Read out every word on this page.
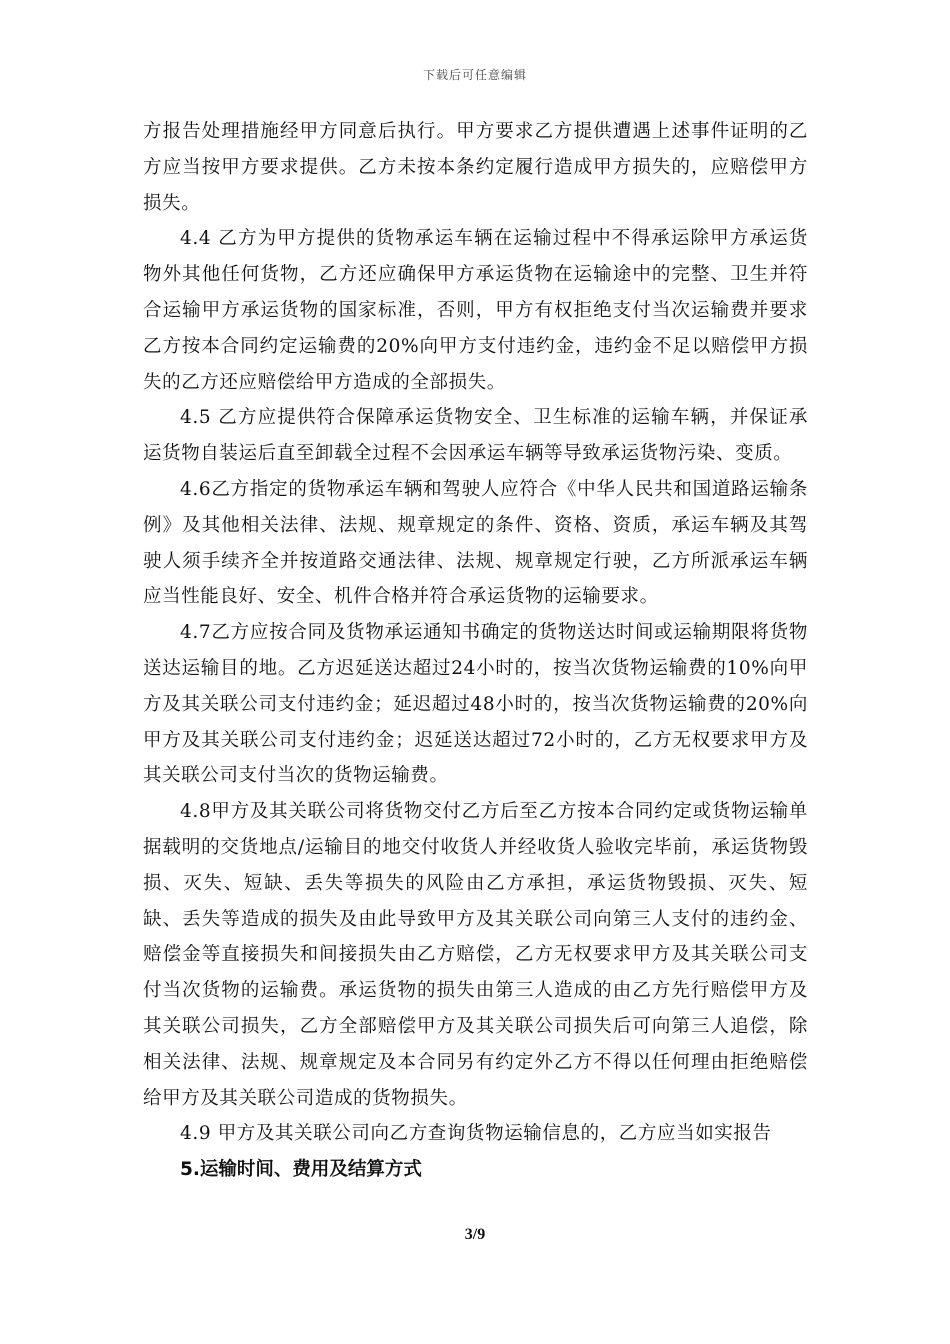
下载后可任意编辑

方报告处理措施经甲方同意后执行。甲方要求乙方提供遭遇上述事件证明的乙方应当按甲方要求提供。乙方未按本条约定履行造成甲方损失的，应赔偿甲方损失。

4.4 乙方为甲方提供的货物承运车辆在运输过程中不得承运除甲方承运货物外其他任何货物，乙方还应确保甲方承运货物在运输途中的完整、卫生并符合运输甲方承运货物的国家标准，否则，甲方有权拒绝支付当次运输费并要求乙方按本合同约定运输费的20%向甲方支付违约金，违约金不足以赔偿甲方损失的乙方还应赔偿给甲方造成的全部损失。

4.5 乙方应提供符合保障承运货物安全、卫生标准的运输车辆，并保证承运货物自装运后直至卸载全过程不会因承运车辆等导致承运货物污染、变质。

4.6乙方指定的货物承运车辆和驾驶人应符合《中华人民共和国道路运输条例》及其他相关法律、法规、规章规定的条件、资格、资质，承运车辆及其驾驶人须手续齐全并按道路交通法律、法规、规章规定行驶，乙方所派承运车辆应当性能良好、安全、机件合格并符合承运货物的运输要求。

4.7乙方应按合同及货物承运通知书确定的货物送达时间或运输期限将货物送达运输目的地。乙方迟延送达超过24小时的，按当次货物运输费的10%向甲方及其关联公司支付违约金；延迟超过48小时的，按当次货物运输费的20%向甲方及其关联公司支付违约金；迟延送达超过72小时的，乙方无权要求甲方及其关联公司支付当次的货物运输费。

4.8甲方及其关联公司将货物交付乙方后至乙方按本合同约定或货物运输单据载明的交货地点/运输目的地交付收货人并经收货人验收完毕前，承运货物毁损、灭失、短缺、丢失等损失的风险由乙方承担，承运货物毁损、灭失、短缺、丢失等造成的损失及由此导致甲方及其关联公司向第三人支付的违约金、赔偿金等直接损失和间接损失由乙方赔偿，乙方无权要求甲方及其关联公司支付当次货物的运输费。承运货物的损失由第三人造成的由乙方先行赔偿甲方及其关联公司损失，乙方全部赔偿甲方及其关联公司损失后可向第三人追偿，除相关法律、法规、规章规定及本合同另有约定外乙方不得以任何理由拒绝赔偿给甲方及其关联公司造成的货物损失。

4.9 甲方及其关联公司向乙方查询货物运输信息的，乙方应当如实报告

5.运输时间、费用及结算方式

3/9
